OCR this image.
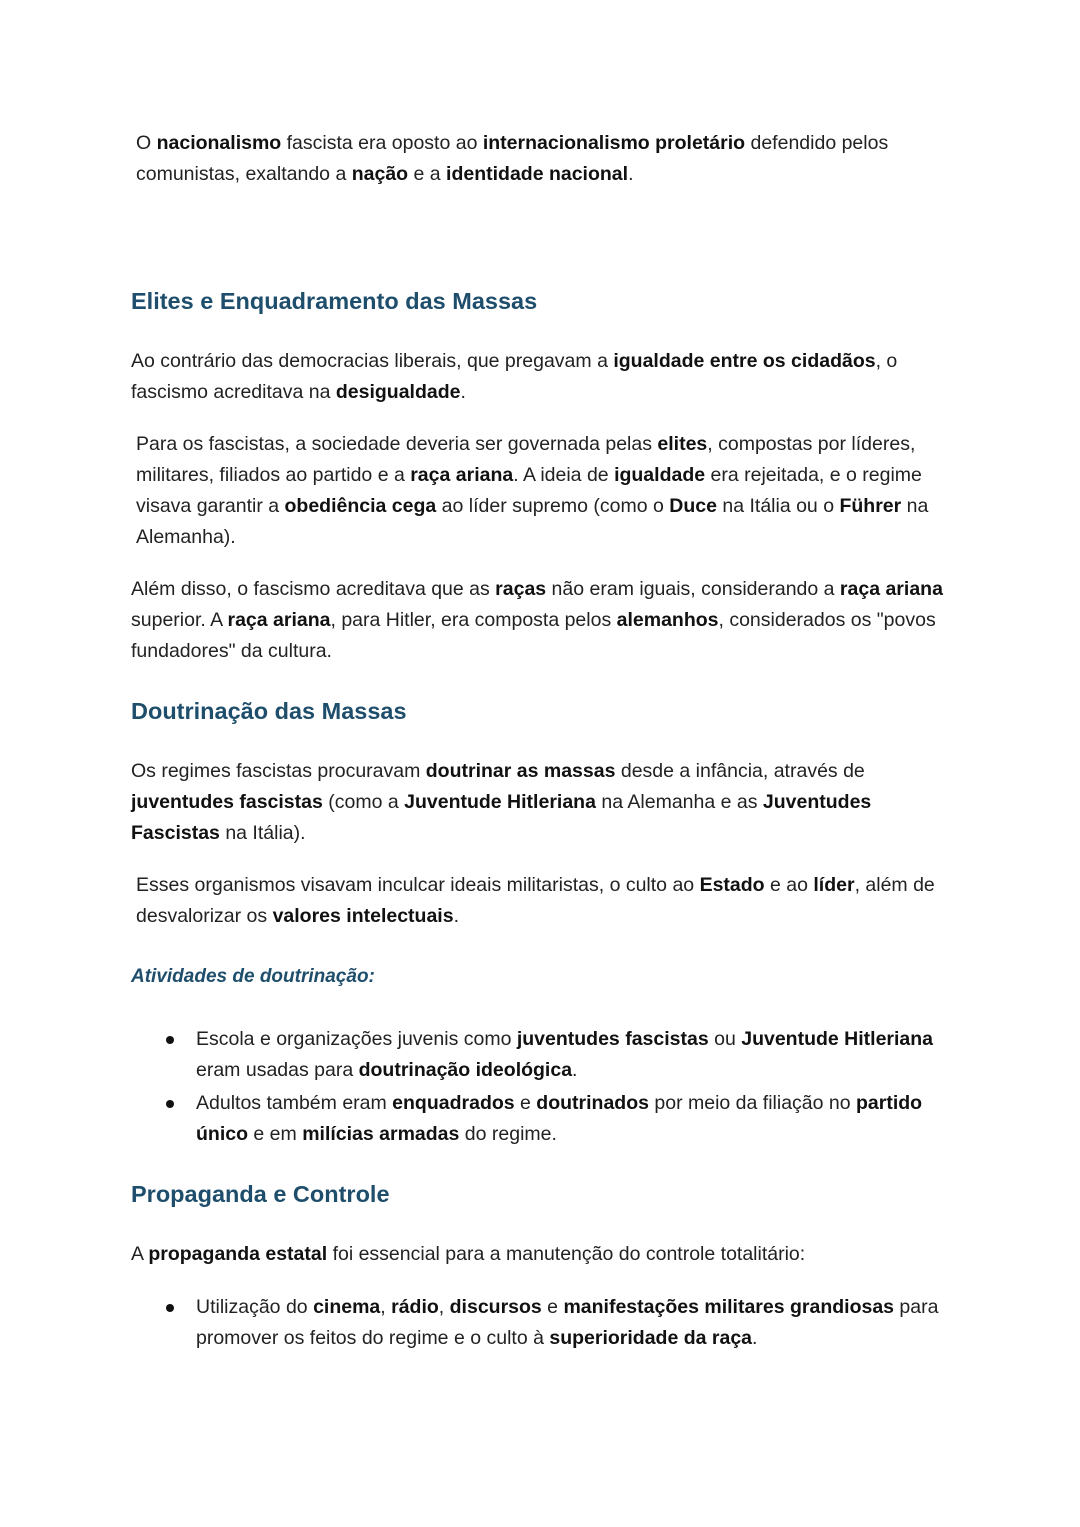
O nacionalismo fascista era oposto ao internacionalismo proletário defendido pelos comunistas, exaltando a nação e a identidade nacional.

Elites e Enquadramento das Massas

Ao contrário das democracias liberais, que pregavam a igualdade entre os cidadãos, o fascismo acreditava na desigualdade.

Para os fascistas, a sociedade deveria ser governada pelas elites, compostas por líderes, militares, filiados ao partido e a raça ariana. A ideia de igualdade era rejeitada, e o regime visava garantir a obediência cega ao líder supremo (como o Duce na Itália ou o Führer na Alemanha).

Além disso, o fascismo acreditava que as raças não eram iguais, considerando a raça ariana superior. A raça ariana, para Hitler, era composta pelos alemanhos, considerados os "povos fundadores" da cultura.

Doutrinação das Massas

Os regimes fascistas procuravam doutrinar as massas desde a infância, através de juventudes fascistas (como a Juventude Hitleriana na Alemanha e as Juventudes Fascistas na Itália).

Esses organismos visavam inculcar ideais militaristas, o culto ao Estado e ao líder, além de desvalorizar os valores intelectuais.

Atividades de doutrinação:
Escola e organizações juvenis como juventudes fascistas ou Juventude Hitleriana eram usadas para doutrinação ideológica.
Adultos também eram enquadrados e doutrinados por meio da filiação no partido único e em milícias armadas do regime.
Propaganda e Controle

A propaganda estatal foi essencial para a manutenção do controle totalitário:

Utilização do cinema, rádio, discursos e manifestações militares grandiosas para promover os feitos do regime e o culto à superioridade da raça.
